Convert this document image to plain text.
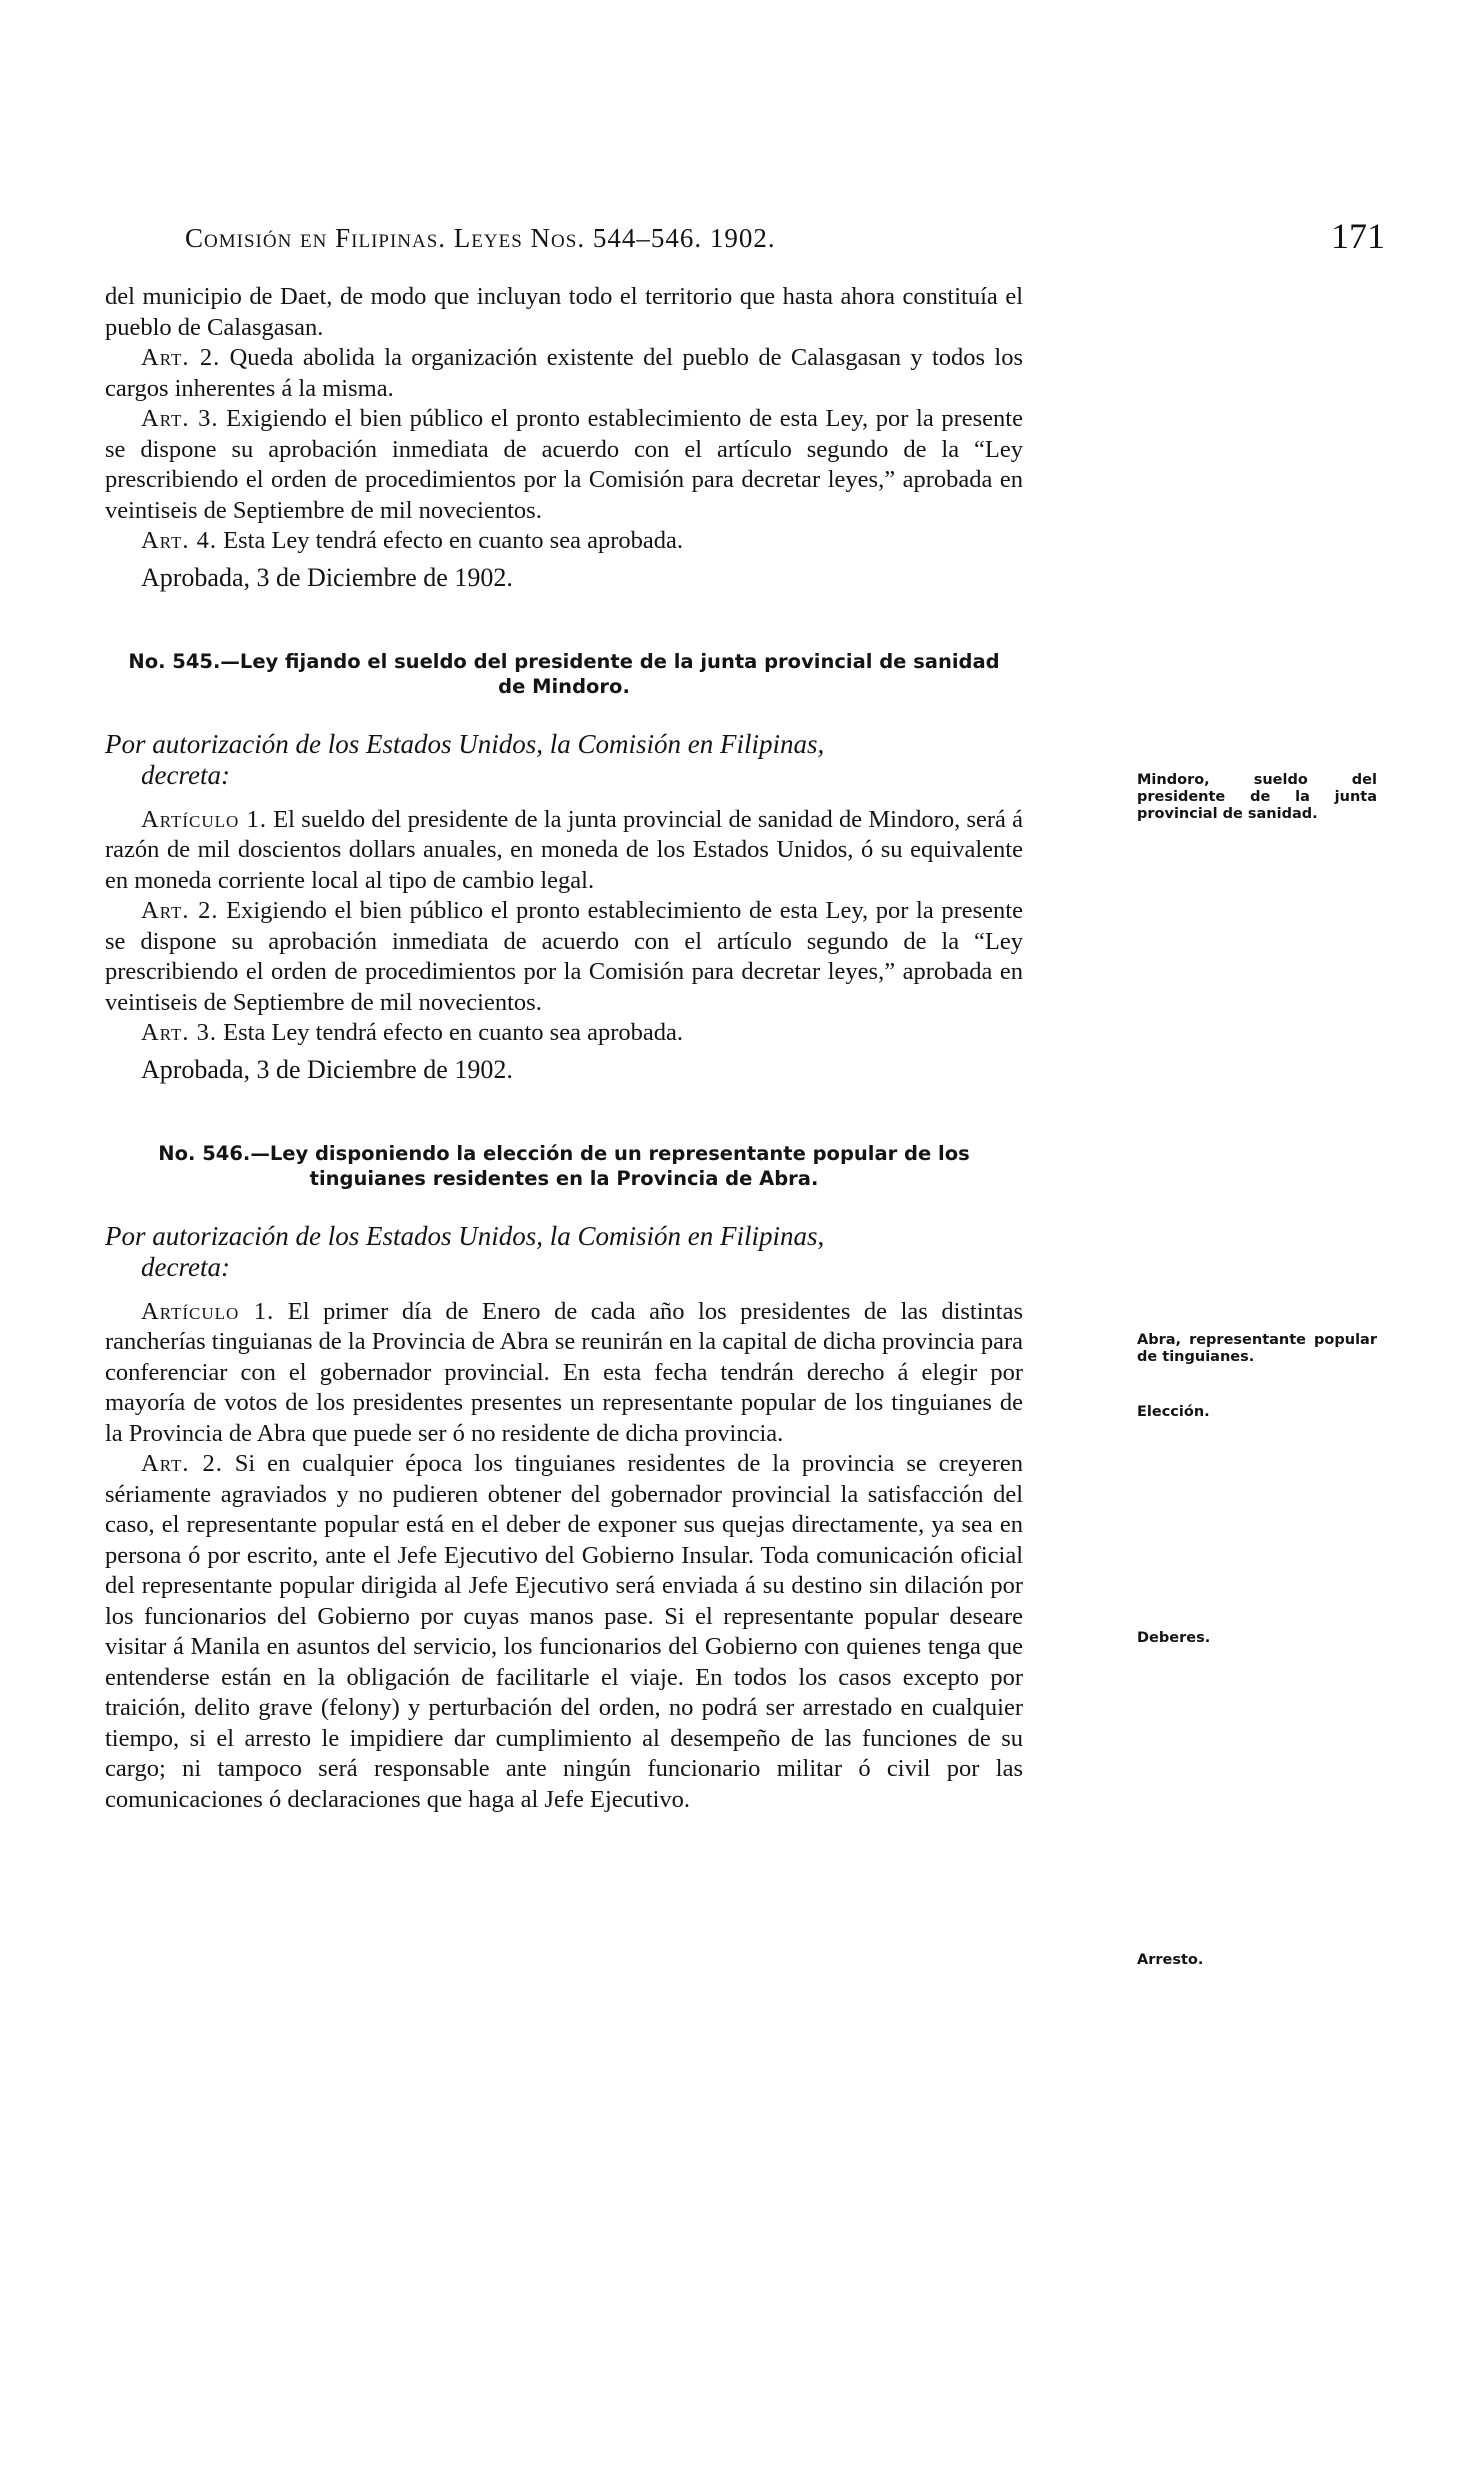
Comisión en Filipinas. Leyes Nos. 544–546. 1902.	171

del municipio de Daet, de modo que incluyan todo el territorio que hasta ahora constituía el pueblo de Calasgasan.

Art. 2. Queda abolida la organización existente del pueblo de Calasgasan y todos los cargos inherentes á la misma.

Art. 3. Exigiendo el bien público el pronto establecimiento de esta Ley, por la presente se dispone su aprobación inmediata de acuerdo con el artículo segundo de la “Ley prescribiendo el orden de procedimientos por la Comisión para decretar leyes,” aprobada en veintiseis de Septiembre de mil novecientos.

Art. 4. Esta Ley tendrá efecto en cuanto sea aprobada.

Aprobada, 3 de Diciembre de 1902.

No. 545.—Ley fijando el sueldo del presidente de la junta provincial de sanidad de Mindoro.
Por autorización de los Estados Unidos, la Comisión en Filipinas,
decreta:

Artículo 1. El sueldo del presidente de la junta provincial de sanidad de Mindoro, será á razón de mil doscientos dollars anuales, en moneda de los Estados Unidos, ó su equivalente en moneda corriente local al tipo de cambio legal.

Art. 2. Exigiendo el bien público el pronto establecimiento de esta Ley, por la presente se dispone su aprobación inmediata de acuerdo con el artículo segundo de la “Ley prescribiendo el orden de procedimientos por la Comisión para decretar leyes,” aprobada en veintiseis de Septiembre de mil novecientos.

Art. 3. Esta Ley tendrá efecto en cuanto sea aprobada.

Aprobada, 3 de Diciembre de 1902.

No. 546.—Ley disponiendo la elección de un representante popular de los tinguianes residentes en la Provincia de Abra.
Por autorización de los Estados Unidos, la Comisión en Filipinas,
decreta:

Artículo 1. El primer día de Enero de cada año los presidentes de las distintas rancherías tinguianas de la Provincia de Abra se reunirán en la capital de dicha provincia para conferenciar con el gobernador provincial. En esta fecha tendrán derecho á elegir por mayoría de votos de los presidentes presentes un representante popular de los tinguianes de la Provincia de Abra que puede ser ó no residente de dicha provincia.

Art. 2. Si en cualquier época los tinguianes residentes de la provincia se creyeren sériamente agraviados y no pudieren obtener del gobernador provincial la satisfacción del caso, el representante popular está en el deber de exponer sus quejas directamente, ya sea en persona ó por escrito, ante el Jefe Ejecutivo del Gobierno Insular. Toda comunicación oficial del representante popular dirigida al Jefe Ejecutivo será enviada á su destino sin dilación por los funcionarios del Gobierno por cuyas manos pase. Si el representante popular deseare visitar á Manila en asuntos del servicio, los funcionarios del Gobierno con quienes tenga que entenderse están en la obligación de facilitarle el viaje. En todos los casos excepto por traición, delito grave (felony) y perturbación del orden, no podrá ser arrestado en cualquier tiempo, si el arresto le impidiere dar cumplimiento al desempeño de las funciones de su cargo; ni tampoco será responsable ante ningún funcionario militar ó civil por las comunicaciones ó declaraciones que haga al Jefe Ejecutivo.

Mindoro, sueldo del presidente de la junta provincial de sanidad.
Abra, representante popular de tinguianes.
Elección.
Deberes.
Arresto.
